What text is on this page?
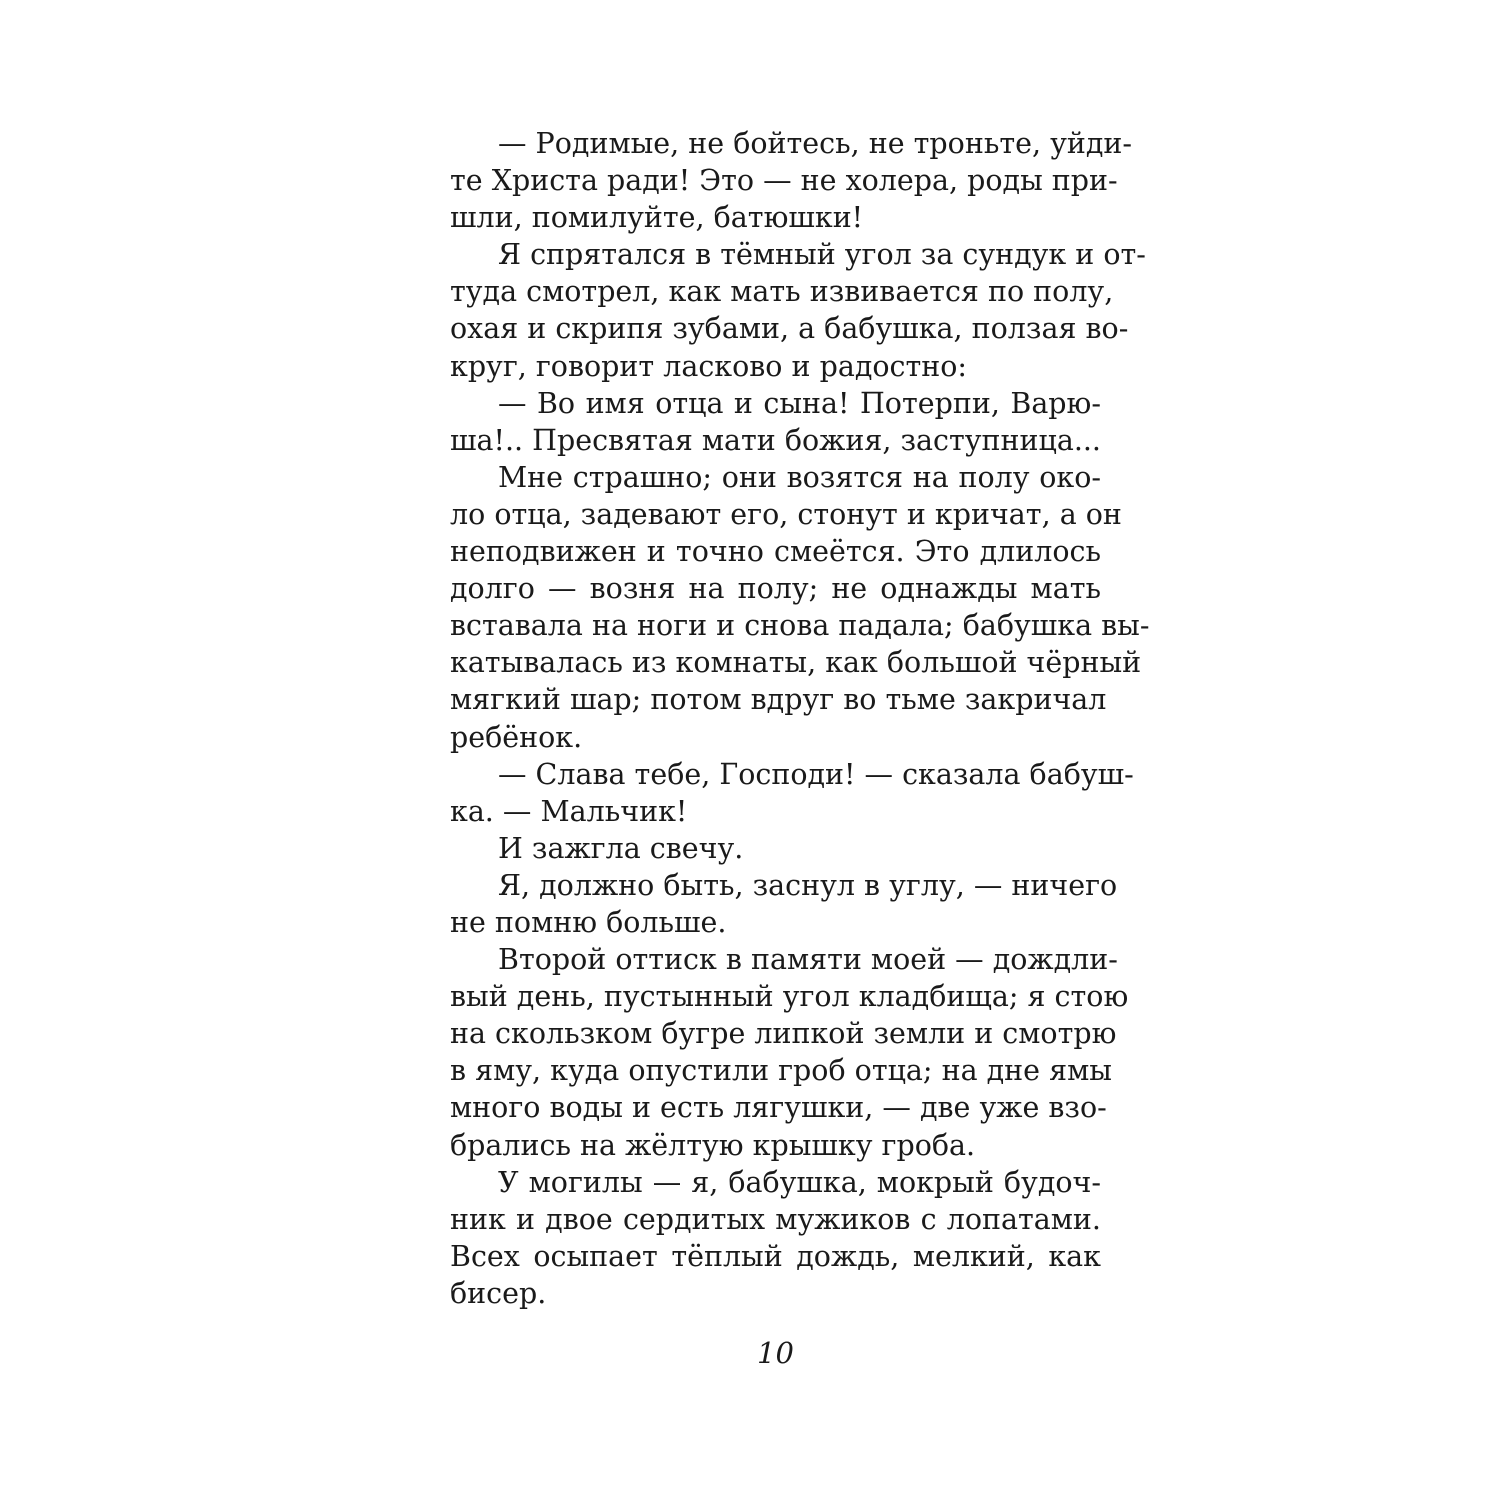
— Родимые, не бойтесь, не троньте, уйди-
те Христа ради! Это — не холера, роды при-
шли, помилуйте, батюшки!
Я спрятался в тёмный угол за сундук и от-
туда смотрел, как мать извивается по полу,
охая и скрипя зубами, а бабушка, ползая во-
круг, говорит ласково и радостно:
— Во имя отца и сына! Потерпи, Варю-
ша!.. Пресвятая мати божия, заступница...
Мне страшно; они возятся на полу око-
ло отца, задевают его, стонут и кричат, а он
неподвижен и точно смеётся. Это длилось
долго — возня на полу; не однажды мать
вставала на ноги и снова падала; бабушка вы-
катывалась из комнаты, как большой чёрный
мягкий шар; потом вдруг во тьме закричал
ребёнок.
— Слава тебе, Господи! — сказала бабуш-
ка. — Мальчик!
И зажгла свечу.
Я, должно быть, заснул в углу, — ничего
не помню больше.
Второй оттиск в памяти моей — дождли-
вый день, пустынный угол кладбища; я стою
на скользком бугре липкой земли и смотрю
в яму, куда опустили гроб отца; на дне ямы
много воды и есть лягушки, — две уже взо-
брались на жёлтую крышку гроба.
У могилы — я, бабушка, мокрый будоч-
ник и двое сердитых мужиков с лопатами.
Всех осыпает тёплый дождь, мелкий, как
бисер.
10
